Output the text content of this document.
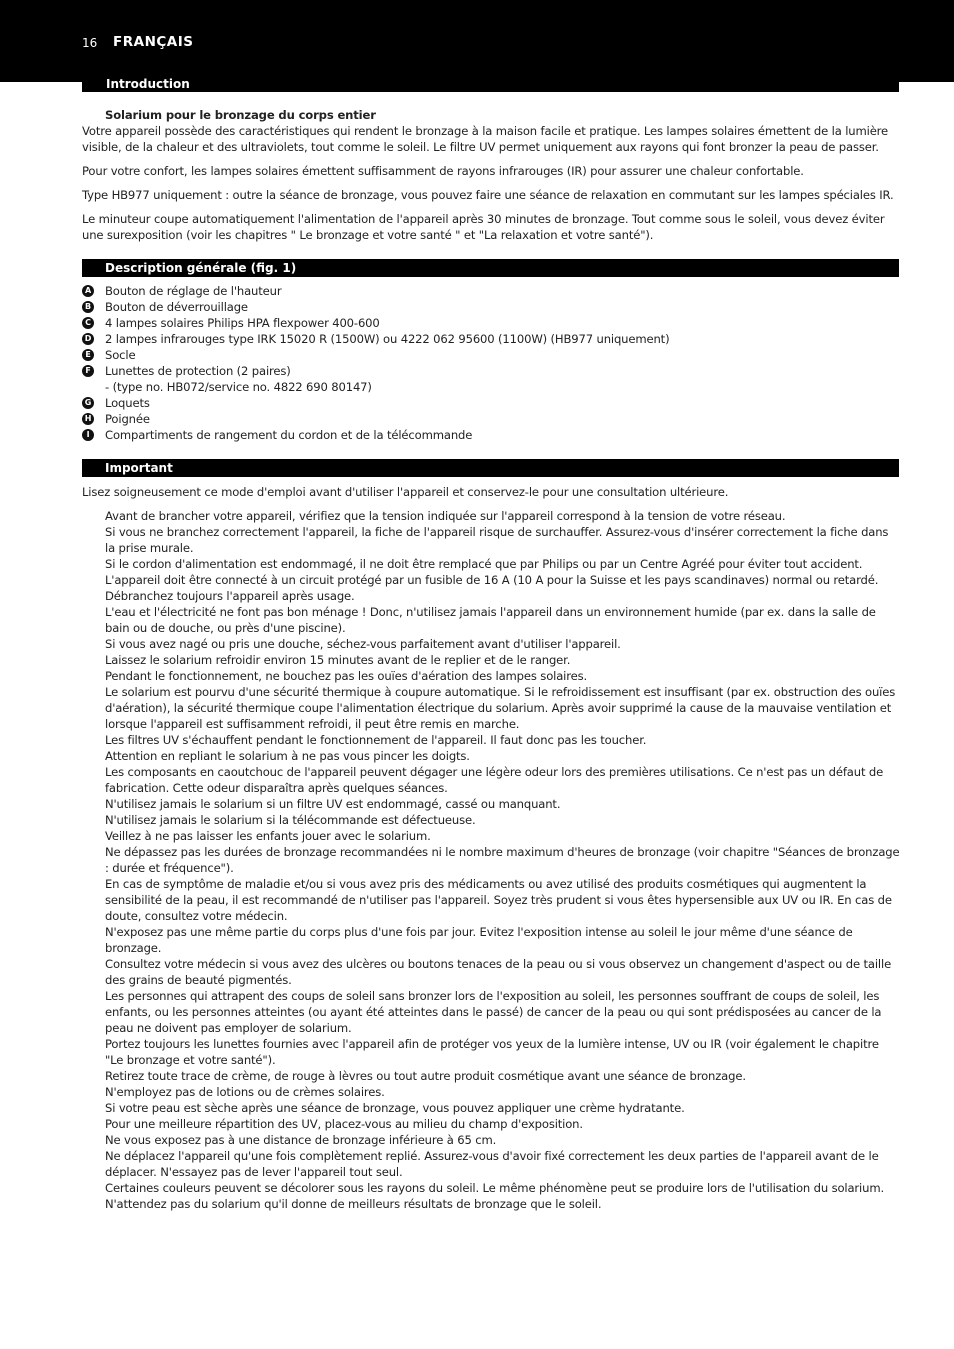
16 FRANÇAIS
Introduction

Solarium pour le bronzage du corps entier

Votre appareil possède des caractéristiques qui rendent le bronzage à la maison facile et pratique. Les lampes solaires émettent de la lumière visible, de la chaleur et des ultraviolets, tout comme le soleil. Le filtre UV permet uniquement aux rayons qui font bronzer la peau de passer.

Pour votre confort, les lampes solaires émettent suffisamment de rayons infrarouges (IR) pour assurer une chaleur confortable.

Type HB977 uniquement : outre la séance de bronzage, vous pouvez faire une séance de relaxation en commutant sur les lampes spéciales IR.

Le minuteur coupe automatiquement l'alimentation de l'appareil après 30 minutes de bronzage. Tout comme sous le soleil, vous devez éviter une surexposition (voir les chapitres " Le bronzage et votre santé " et "La relaxation et votre santé").

Description générale (fig. 1)
A Bouton de réglage de l'hauteur
B Bouton de déverrouillage
C 4 lampes solaires Philips HPA flexpower 400-600
D 2 lampes infrarouges type IRK 15020 R (1500W) ou 4222 062 95600 (1100W) (HB977 uniquement)
E Socle
F Lunettes de protection (2 paires)
- (type no. HB072/service no. 4822 690 80147)
G Loquets
H Poignée
I	Compartiments de rangement du cordon et de la télécommande
Important

Lisez soigneusement ce mode d'emploi avant d'utiliser l'appareil et conservez-le pour une consultation ultérieure.

Avant de brancher votre appareil, vérifiez que la tension indiquée sur l'appareil correspond à la tension de votre réseau.
Si vous ne branchez correctement l'appareil, la fiche de l'appareil risque de surchauffer. Assurez-vous d'insérer correctement la fiche dans la prise murale.
Si le cordon d'alimentation est endommagé, il ne doit être remplacé que par Philips ou par un Centre Agréé pour éviter tout accident.
L'appareil doit être connecté à un circuit protégé par un fusible de 16 A (10 A pour la Suisse et les pays scandinaves) normal ou retardé.
Débranchez toujours l'appareil après usage.
L'eau et l'électricité ne font pas bon ménage ! Donc, n'utilisez jamais l'appareil dans un environnement humide (par ex. dans la salle de bain ou de douche, ou près d'une piscine).
Si vous avez nagé ou pris une douche, séchez-vous parfaitement avant d'utiliser l'appareil.
Laissez le solarium refroidir environ 15 minutes avant de le replier et de le ranger.
Pendant le fonctionnement, ne bouchez pas les ouïes d'aération des lampes solaires.
Le solarium est pourvu d'une sécurité thermique à coupure automatique. Si le refroidissement est insuffisant (par ex. obstruction des ouïes d'aération), la sécurité thermique coupe l'alimentation électrique du solarium. Après avoir supprimé la cause de la mauvaise ventilation et lorsque l'appareil est suffisamment refroidi, il peut être remis en marche.
Les filtres UV s'échauffent pendant le fonctionnement de l'appareil. Il faut donc pas les toucher.
Attention en repliant le solarium à ne pas vous pincer les doigts.
Les composants en caoutchouc de l'appareil peuvent dégager une légère odeur lors des premières utilisations. Ce n'est pas un défaut de fabrication. Cette odeur disparaîtra après quelques séances.
N'utilisez jamais le solarium si un filtre UV est endommagé, cassé ou manquant.
N'utilisez jamais le solarium si la télécommande est défectueuse.
Veillez à ne pas laisser les enfants jouer avec le solarium.
Ne dépassez pas les durées de bronzage recommandées ni le nombre maximum d'heures de bronzage (voir chapitre "Séances de bronzage : durée et fréquence").
En cas de symptôme de maladie et/ou si vous avez pris des médicaments ou avez utilisé des produits cosmétiques qui augmentent la sensibilité de la peau, il est recommandé de n'utiliser pas l'appareil. Soyez très prudent si vous êtes hypersensible aux UV ou IR. En cas de doute, consultez votre médecin.
N'exposez pas une même partie du corps plus d'une fois par jour. Evitez l'exposition intense au soleil le jour même d'une séance de bronzage.
Consultez votre médecin si vous avez des ulcères ou boutons tenaces de la peau ou si vous observez un changement d'aspect ou de taille des grains de beauté pigmentés.
Les personnes qui attrapent des coups de soleil sans bronzer lors de l'exposition au soleil, les personnes souffrant de coups de soleil, les enfants, ou les personnes atteintes (ou ayant été atteintes dans le passé) de cancer de la peau ou qui sont prédisposées au cancer de la peau ne doivent pas employer de solarium.
Portez toujours les lunettes fournies avec l'appareil afin de protéger vos yeux de la lumière intense, UV ou IR (voir également le chapitre "Le bronzage et votre santé").
Retirez toute trace de crème, de rouge à lèvres ou tout autre produit cosmétique avant une séance de bronzage.
N'employez pas de lotions ou de crèmes solaires.
Si votre peau est sèche après une séance de bronzage, vous pouvez appliquer une crème hydratante.
Pour une meilleure répartition des UV, placez-vous au milieu du champ d'exposition.
Ne vous exposez pas à une distance de bronzage inférieure à 65 cm.
Ne déplacez l'appareil qu'une fois complètement replié. Assurez-vous d'avoir fixé correctement les deux parties de l'appareil avant de le déplacer. N'essayez pas de lever l'appareil tout seul.
Certaines couleurs peuvent se décolorer sous les rayons du soleil. Le même phénomène peut se produire lors de l'utilisation du solarium.
N'attendez pas du solarium qu'il donne de meilleurs résultats de bronzage que le soleil.
